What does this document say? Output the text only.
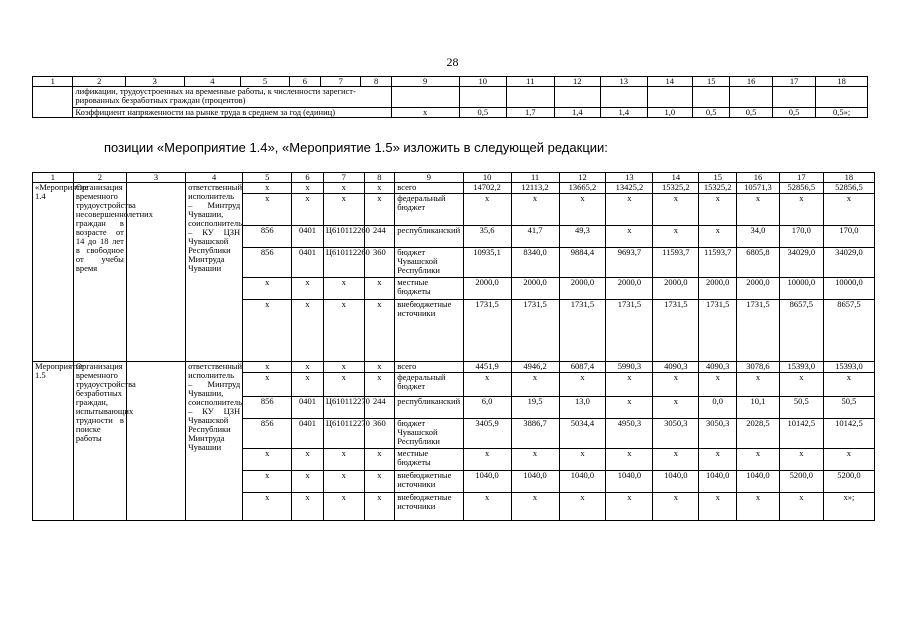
28
1	2	3	4	5	6	7	8	9	10	11	12	13	14	15	16	17	18
	лификации, трудоустроенных на временные работы, к численности зарегист-рированных безработных граждан (процентов)																
	Коэффициент напряженности на рынке труда в среднем за год (единиц)							х	0,5	1,7	1,4	1,4	1,0	0,5	0,5	0,5	0,5»;
позиции «Мероприятие 1.4», «Мероприятие 1.5» изложить в следующей редакции:
1	2	3	4	5	6	7	8	9	10	11	12	13	14	15	16	17	18
«Мероприятие 1.4	Организация временного трудоустройства несовершеннолетних граждан в возрасте от 14 до 18 лет в свободное от учебы время		ответственный исполнитель – Минтруд Чувашии, соисполнитель – КУ ЦЗН Чувашской Республики Минтруда Чувашии	х	х	х	х	всего	14702,2	12113,2	13665,2	13425,2	15325,2	15325,2	10571,3	52856,5	52856,5
				х	х	х	х	федеральный бюджет	х	х	х	х	х	х	х	х	х
				856	0401	Ц610112260	244	республиканский	35,6	41,7	49,3	х	х	х	34,0	170,0	170,0
				856	0401	Ц610112260	360	бюджет Чувашской Республики	10935,1	8340,0	9884,4	9693,7	11593,7	11593,7	6805,8	34029,0	34029,0
				х	х	х	х	местные бюджеты	2000,0	2000,0	2000,0	2000,0	2000,0	2000,0	2000,0	10000,0	10000,0
				х	х	х	х	внебюджетные источники	1731,5	1731,5	1731,5	1731,5	1731,5	1731,5	1731,5	8657,5	8657,5
Мероприятие 1.5	Организация временного трудоустройства безработных граждан, испытывающих трудности в поиске работы		ответственный исполнитель – Минтруд Чувашии, соисполнитель – КУ ЦЗН Чувашской Республики Минтруда Чувашии	х	х	х	х	всего	4451,9	4946,2	6087,4	5990,3	4090,3	4090,3	3078,6	15393,0	15393,0
				х	х	х	х	федеральный бюджет	х	х	х	х	х	х	х	х	х
				856	0401	Ц610112270	244	республиканский	6,0	19,5	13,0	х	х	0,0	10,1	50,5	50,5
				856	0401	Ц610112270	360	бюджет Чувашской Республики	3405,9	3886,7	5034,4	4950,3	3050,3	3050,3	2028,5	10142,5	10142,5
				х	х	х	х	местные бюджеты	х	х	х	х	х	х	х	х	х
				х	х	х	х	внебюджетные источники	1040,0	1040,0	1040,0	1040,0	1040,0	1040,0	1040,0	5200,0	5200,0
				х	х	х	х	внебюджетные источники	х	х	х	х	х	х	х	х	х»;
